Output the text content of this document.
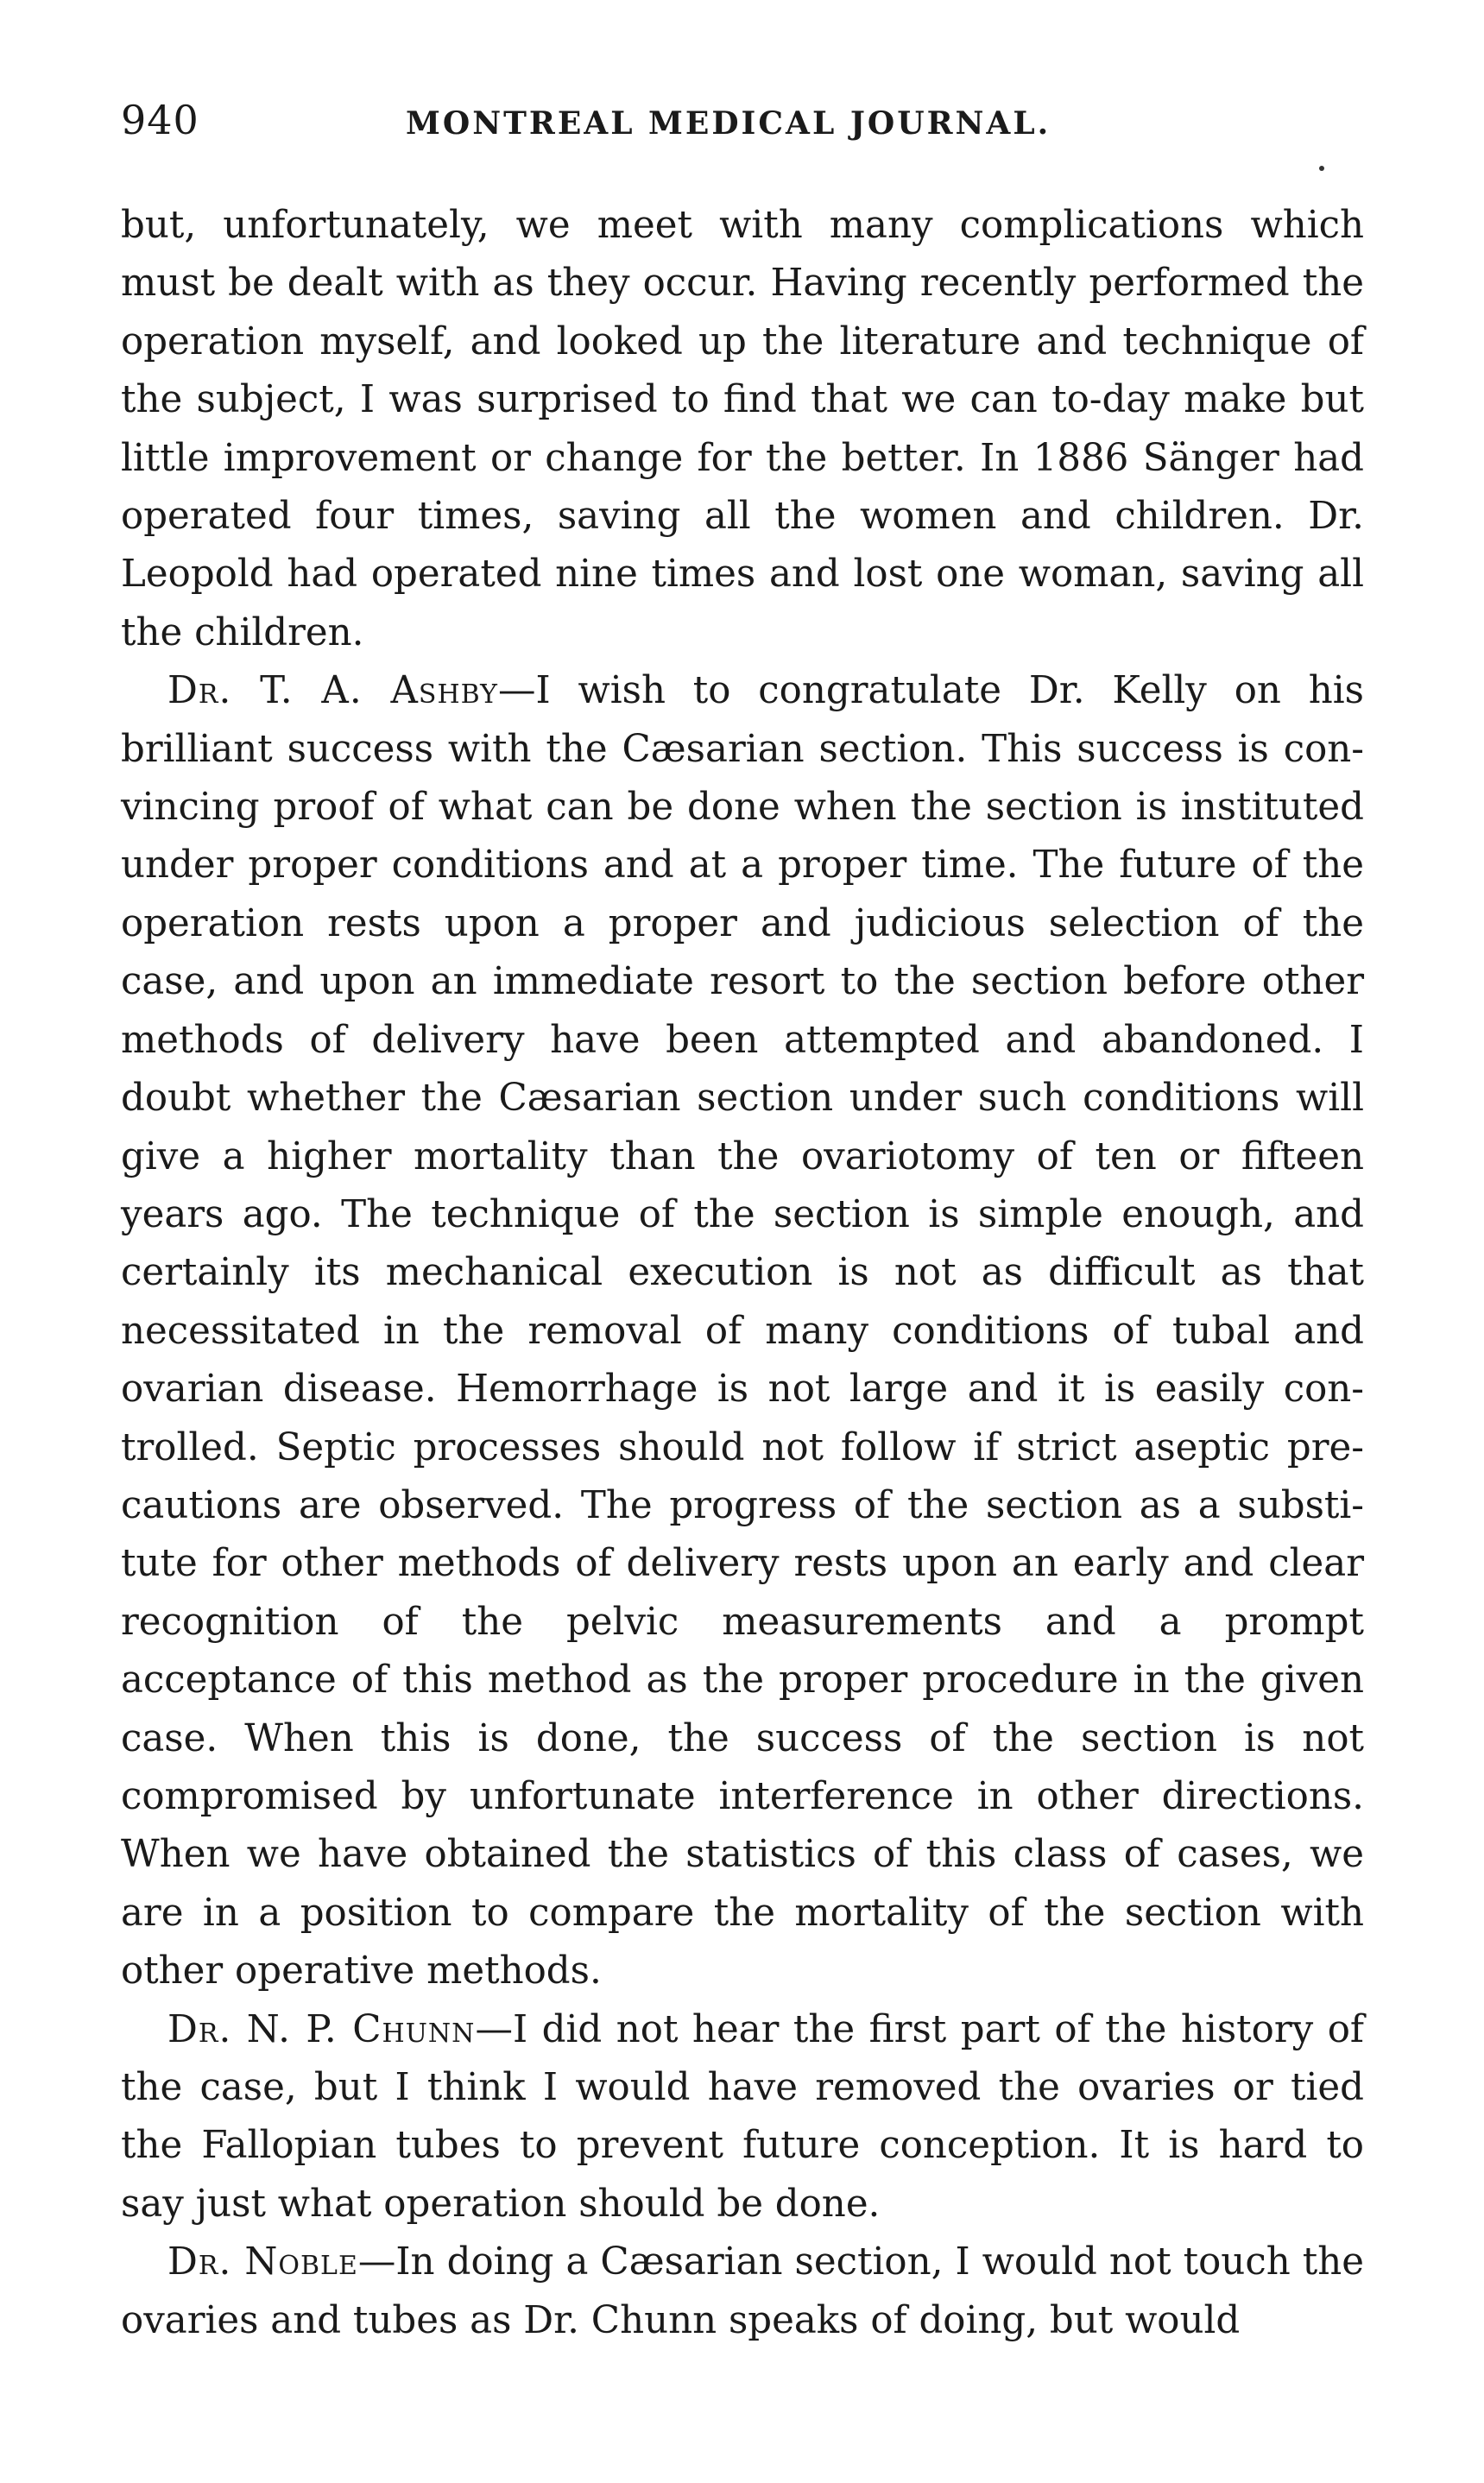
940	MONTREAL MEDICAL JOURNAL.

but, unfortunately, we meet with many complications which must be dealt with as they occur. Having recently performed the operation myself, and looked up the literature and technique of the subject, I was surprised to find that we can to-day make but little improvement or change for the better. In 1886 Sänger had operated four times, saving all the women and children. Dr. Leopold had operated nine times and lost one woman, saving all the children.

Dr. T. A. Ashby—I wish to congratulate Dr. Kelly on his brilliant success with the Cæsarian section. This success is convincing proof of what can be done when the section is instituted under proper conditions and at a proper time. The future of the operation rests upon a proper and judicious selection of the case, and upon an immediate resort to the section before other methods of delivery have been attempted and abandoned. I doubt whether the Cæsarian section under such conditions will give a higher mortality than the ovariotomy of ten or fifteen years ago. The technique of the section is simple enough, and certainly its mechanical execution is not as difficult as that necessitated in the removal of many conditions of tubal and ovarian disease. Hemorrhage is not large and it is easily controlled. Septic processes should not follow if strict aseptic precautions are observed. The progress of the section as a substitute for other methods of delivery rests upon an early and clear recognition of the pelvic measurements and a prompt acceptance of this method as the proper procedure in the given case. When this is done, the success of the section is not compromised by unfortunate interference in other directions. When we have obtained the statistics of this class of cases, we are in a position to compare the mortality of the section with other operative methods.

Dr. N. P. Chunn—I did not hear the first part of the history of the case, but I think I would have removed the ovaries or tied the Fallopian tubes to prevent future conception. It is hard to say just what operation should be done.

Dr. Noble—In doing a Cæsarian section, I would not touch the ovaries and tubes as Dr. Chunn speaks of doing, but would
